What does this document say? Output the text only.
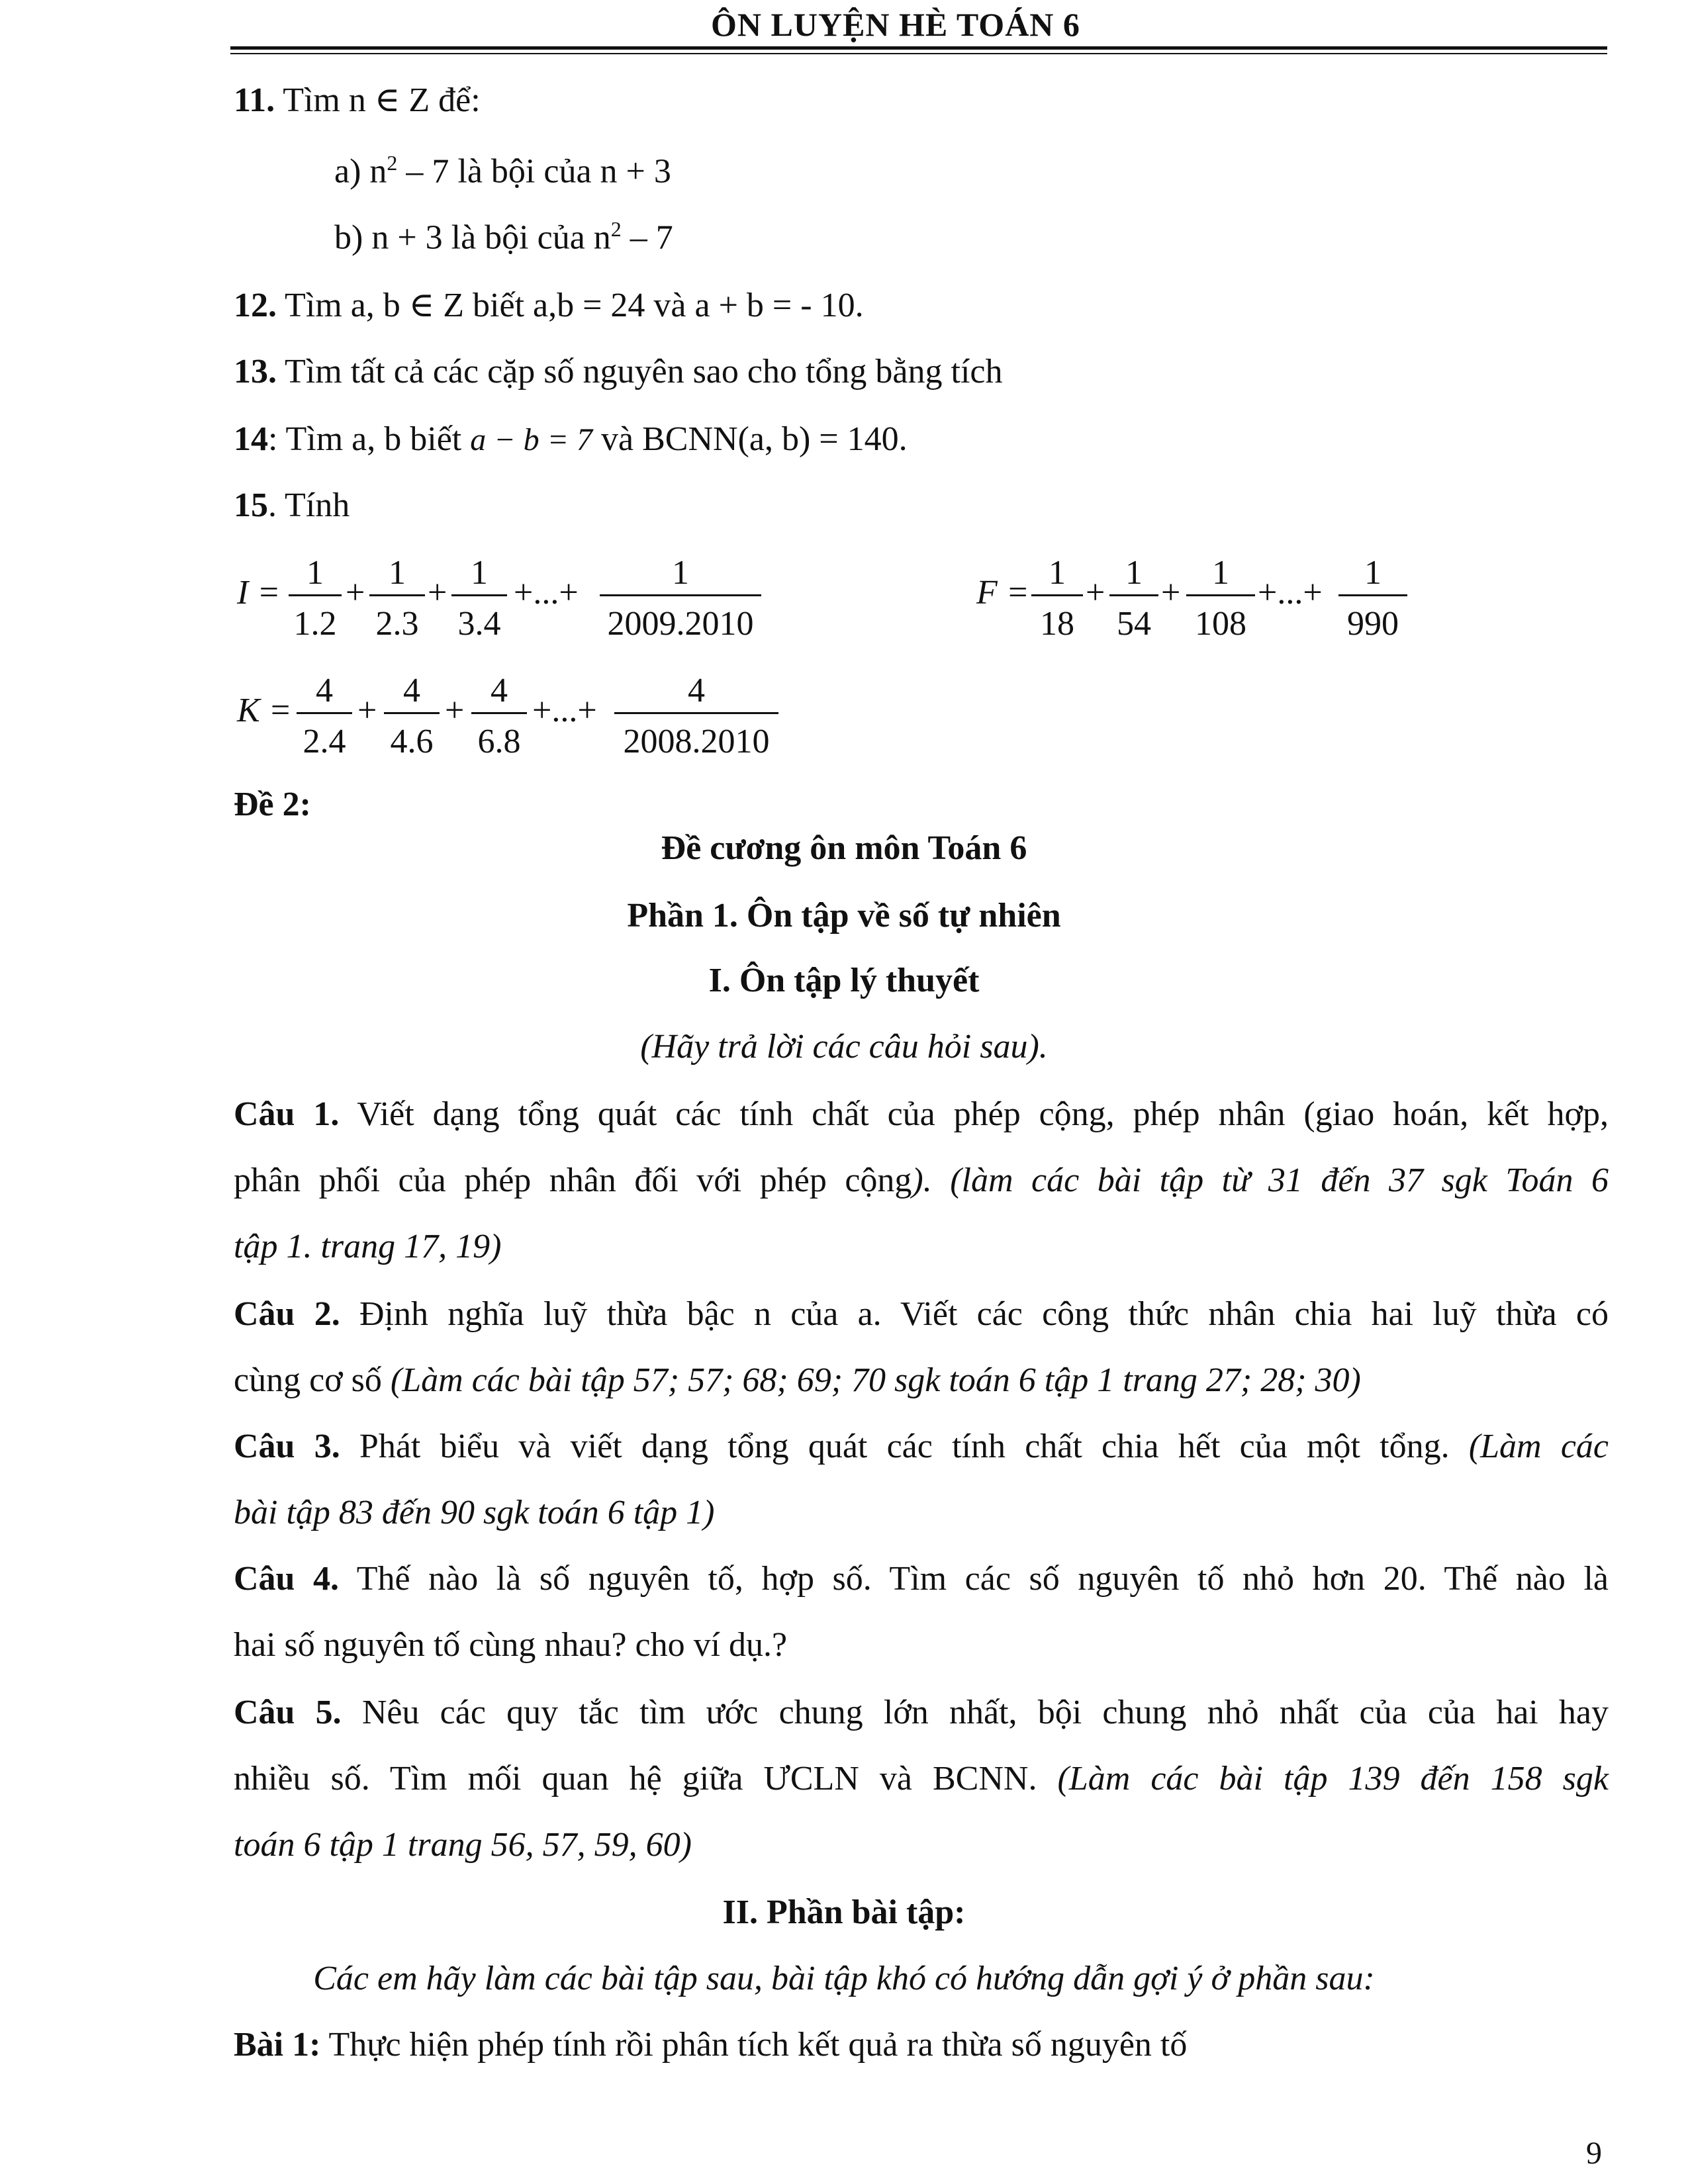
ÔN LUYỆN HÈ TOÁN 6
11. Tìm n ∈ Z để:
a) $n^2 - 7$ là bội của n + 3
b) n + 3 là bội của $n^2 - 7$
12. Tìm a, b ∈ Z biết a,b = 24 và a + b = - 10.
13. Tìm tất cả các cặp số nguyên sao cho tổng bằng tích
14: Tìm a, b biết a − b = 7 và BCNN(a, b) = 140.
15. Tính
I =
1
1.2
+
1
2.3
+
1
3.4
+...+
1
2009.2010
F =
1
18
+
1
54
+
1
108
+...+
1
990
K =
4
2.4
+
4
4.6
+
4
6.8
+...+
4
2008.2010
Đề 2:
Đề cương ôn môn Toán 6
Phần 1. Ôn tập về số tự nhiên
I. Ôn tập lý thuyết
(Hãy trả lời các câu hỏi sau).
Câu 1. Viết dạng tổng quát các tính chất của phép cộng, phép nhân (giao hoán, kết hợp,
phân phối của phép nhân đối với phép cộng). (làm các bài tập từ 31 đến 37 sgk Toán 6
tập 1. trang 17, 19)
Câu 2. Định nghĩa luỹ thừa bậc n của a. Viết các công thức nhân chia hai luỹ thừa có
cùng cơ số (Làm các bài tập 57; 57; 68; 69; 70 sgk toán 6 tập 1 trang 27; 28; 30)
Câu 3. Phát biểu và viết dạng tổng quát các tính chất chia hết của một tổng. (Làm các
bài tập 83 đến 90 sgk toán 6 tập 1)
Câu 4. Thế nào là số nguyên tố, hợp số. Tìm các số nguyên tố nhỏ hơn 20. Thế nào là
hai số nguyên tố cùng nhau? cho ví dụ.?
Câu 5. Nêu các quy tắc tìm ước chung lớn nhất, bội chung nhỏ nhất của của hai hay
nhiều số. Tìm mối quan hệ giữa ƯCLN và BCNN. (Làm các bài tập 139 đến 158 sgk
toán 6 tập 1 trang 56, 57, 59, 60)
II. Phần bài tập:
Các em hãy làm các bài tập sau, bài tập khó có hướng dẫn gợi ý ở phần sau:
Bài 1: Thực hiện phép tính rồi phân tích kết quả ra thừa số nguyên tố
9
